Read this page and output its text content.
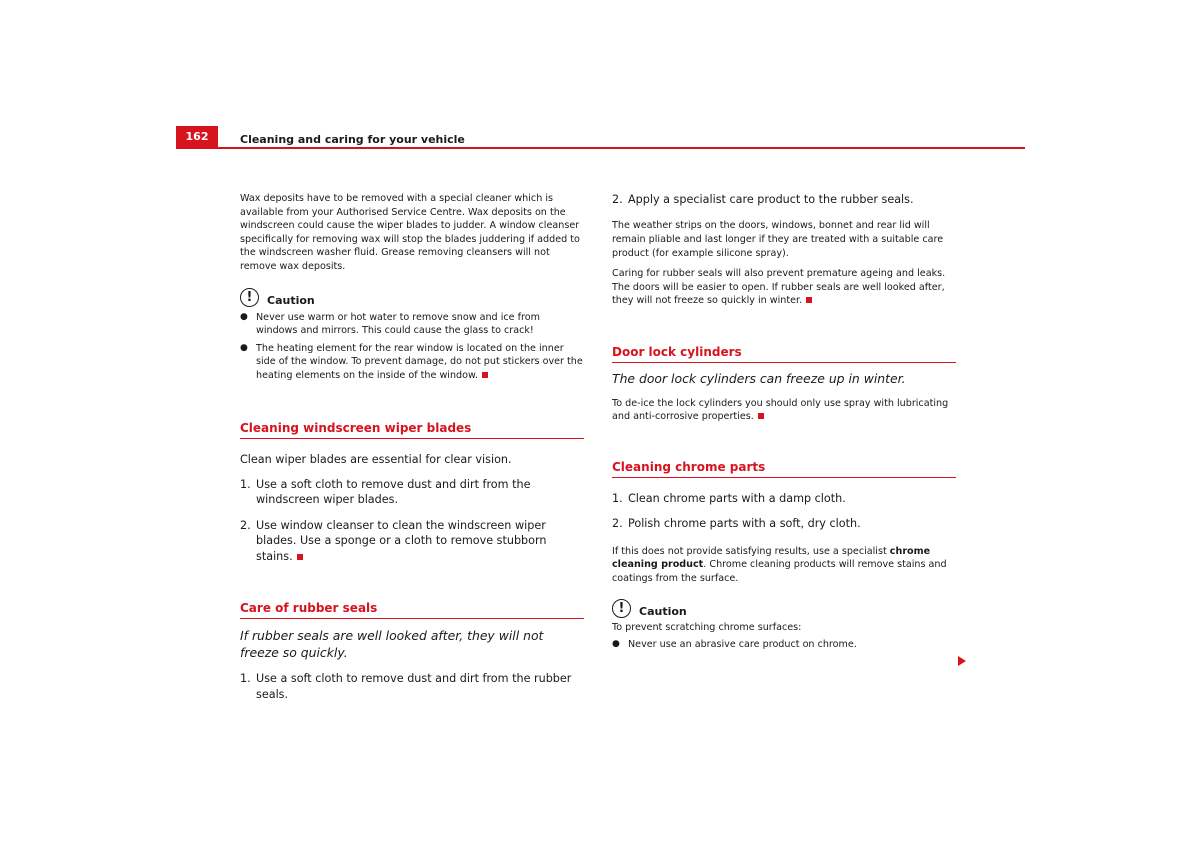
162	Cleaning and caring for your vehicle

Wax deposits have to be removed with a special cleaner which is available from your Authorised Service Centre. Wax deposits on the windscreen could cause the wiper blades to judder. A window cleanser specifically for removing wax will stop the blades juddering if added to the windscreen washer fluid. Grease removing cleansers will not remove wax deposits.

!	Caution
● Never use warm or hot water to remove snow and ice from windows and mirrors. This could cause the glass to crack!
● The heating element for the rear window is located on the inner side of the window. To prevent damage, do not put stickers over the heating elements on the inside of the window.
Cleaning windscreen wiper blades

Clean wiper blades are essential for clear vision.

1. Use a soft cloth to remove dust and dirt from the windscreen wiper blades.
2. Use window cleanser to clean the windscreen wiper blades. Use a sponge or a cloth to remove stubborn stains.
Care of rubber seals

If rubber seals are well looked after, they will not freeze so quickly.

1. Use a soft cloth to remove dust and dirt from the rubber seals.
2. Apply a specialist care product to the rubber seals.

The weather strips on the doors, windows, bonnet and rear lid will remain pliable and last longer if they are treated with a suitable care product (for example silicone spray).

Caring for rubber seals will also prevent premature ageing and leaks. The doors will be easier to open. If rubber seals are well looked after, they will not freeze so quickly in winter.

Door lock cylinders

The door lock cylinders can freeze up in winter.

To de-ice the lock cylinders you should only use spray with lubricating and anti-corrosive properties.

Cleaning chrome parts
1. Clean chrome parts with a damp cloth.
2. Polish chrome parts with a soft, dry cloth.

If this does not provide satisfying results, use a specialist chrome cleaning product. Chrome cleaning products will remove stains and coatings from the surface.

!	Caution

To prevent scratching chrome surfaces:

● Never use an abrasive care product on chrome.
